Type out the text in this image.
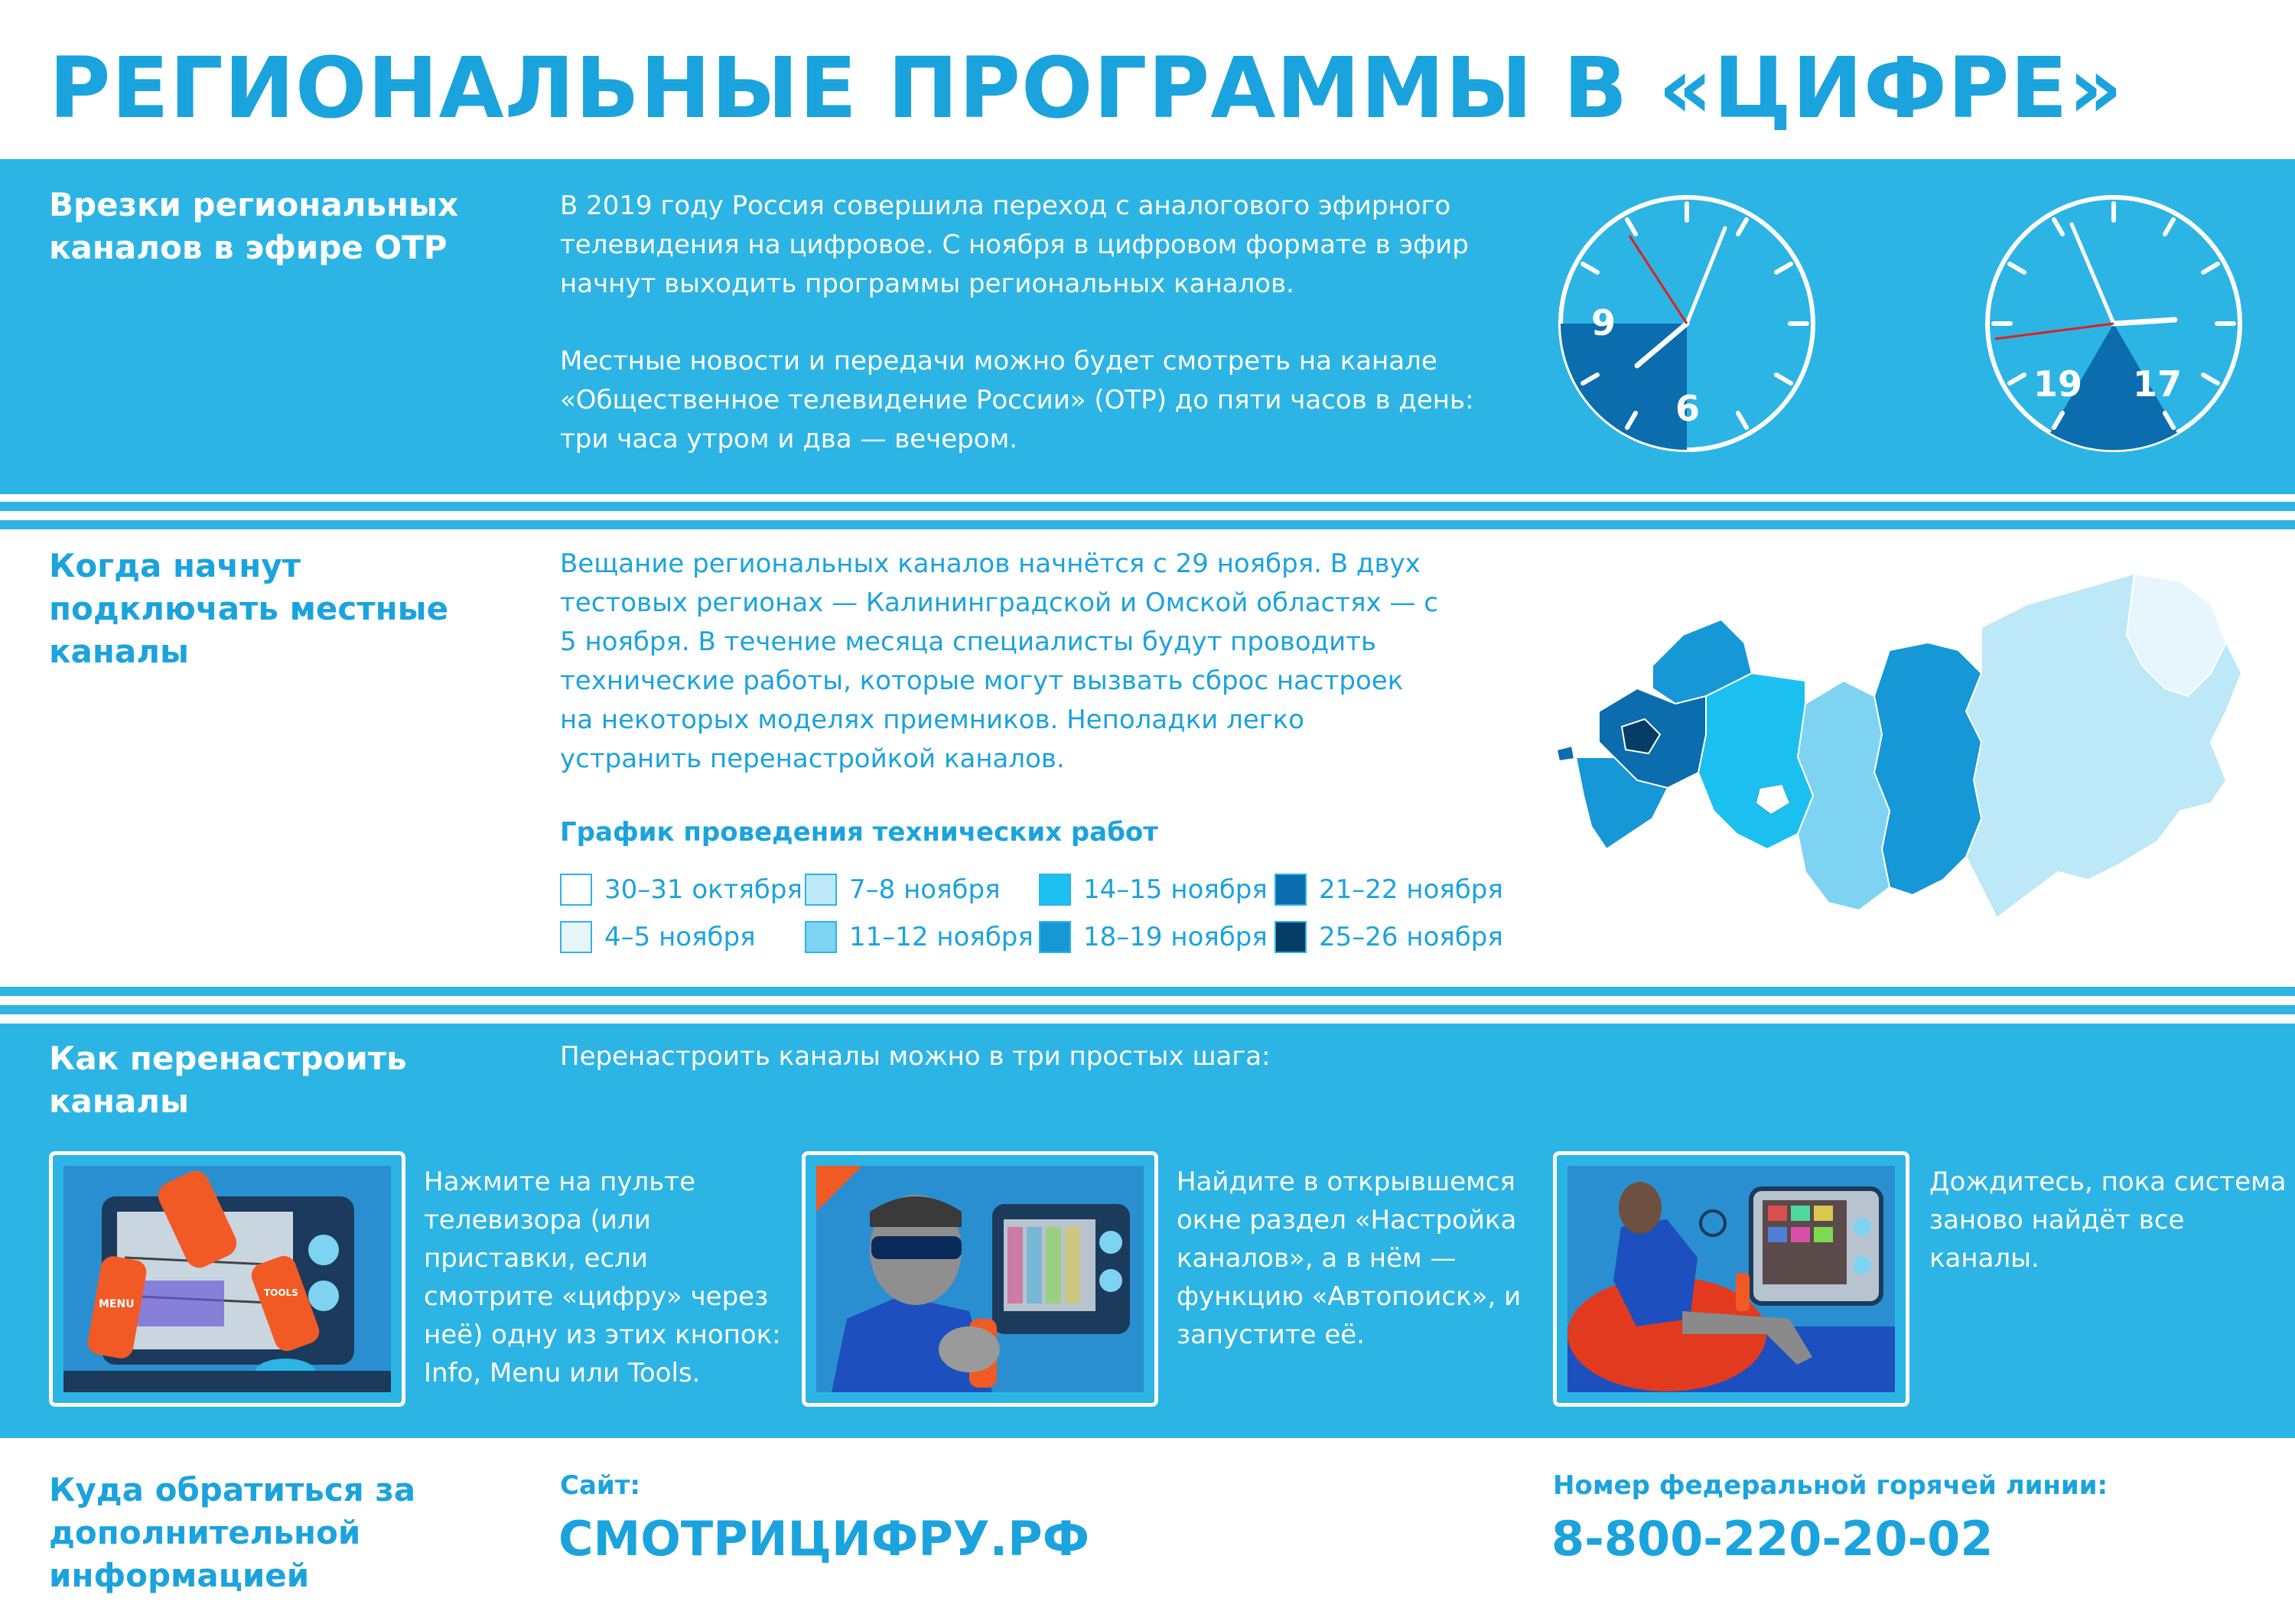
РЕГИОНАЛЬНЫЕ ПРОГРАММЫ В «ЦИФРЕ»
Врезки региональных каналов в эфире ОТР

В 2019 году Россия совершила переход с аналогового эфирного телевидения на цифровое. С ноября в цифровом формате в эфир начнут выходить программы региональных каналов.

Местные новости и передачи можно будет смотреть на канале «Общественное телевидение России» (ОТР) до пяти часов в день: три часа утром и два — вечером.

9
6
19 17
Когда начнут подключать местные каналы
Вещание региональных каналов начнётся с 29 ноября. В двух тестовых регионах — Калининградской и Омской областях — с 5 ноября. В течение месяца специалисты будут проводить технические работы, которые могут вызвать сброс настроек на некоторых моделях приемников. Неполадки легко устранить перенастройкой каналов.
График проведения технических работ
30–31 октября
4–5 ноября
7–8 ноября
11–12 ноября
14–15 ноября
18–19 ноября
21–22 ноября
25–26 ноября
Как перенастроить каналы
Перенастроить каналы можно в три простых шага:
MENU
TOOLS
Нажмите на пульте телевизора (или приставки, если смотрите «цифру» через неё) одну из этих кнопок: Info, Menu или Tools.
Найдите в открывшемся окне раздел «Настройка каналов», а в нём — функцию «Автопоиск», и запустите её.
Дождитесь, пока система заново найдёт все каналы.
Куда обратиться за дополнительной информацией
Сайт:
СМОТРИЦИФРУ.РФ
Номер федеральной горячей линии:
8-800-220-20-02
